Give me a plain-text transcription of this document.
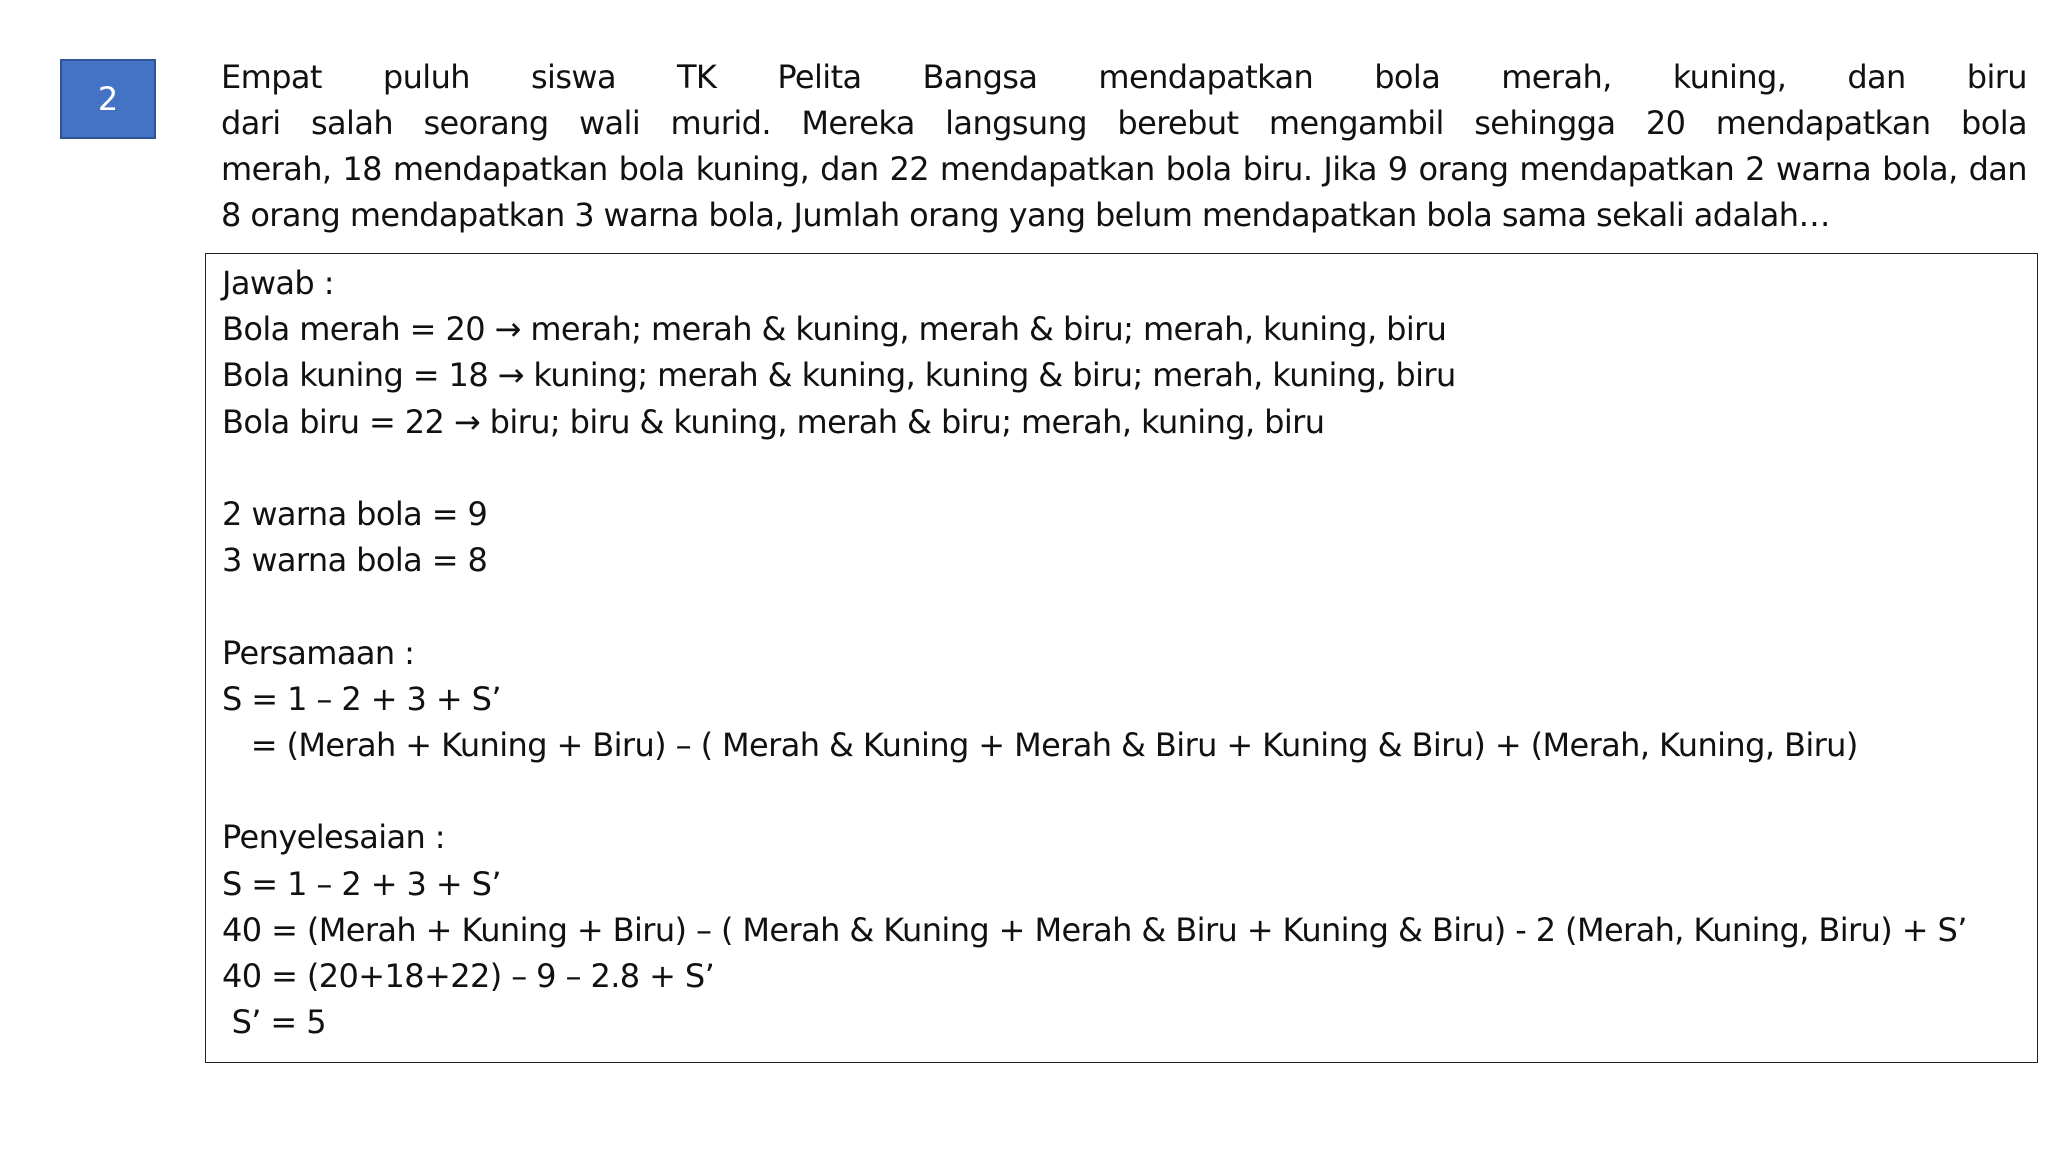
2
Empat puluh siswa TK Pelita Bangsa mendapatkan bola merah, kuning, dan biru
dari salah seorang wali murid. Mereka langsung berebut mengambil sehingga 20 mendapatkan bola
merah, 18 mendapatkan bola kuning, dan 22 mendapatkan bola biru. Jika 9 orang mendapatkan 2 warna bola, dan
8 orang mendapatkan 3 warna bola, Jumlah orang yang belum mendapatkan bola sama sekali adalah…
Jawab :
Bola merah = 20 → merah; merah & kuning, merah & biru; merah, kuning, biru
Bola kuning = 18 → kuning; merah & kuning, kuning & biru; merah, kuning, biru
Bola biru = 22 → biru; biru & kuning, merah & biru; merah, kuning, biru
2 warna bola = 9
3 warna bola = 8
Persamaan :
S = 1 – 2 + 3 + S’
= (Merah + Kuning + Biru) – ( Merah & Kuning + Merah & Biru + Kuning & Biru) + (Merah, Kuning, Biru)
Penyelesaian :
S = 1 – 2 + 3 + S’
40 = (Merah + Kuning + Biru) – ( Merah & Kuning + Merah & Biru + Kuning & Biru) - 2 (Merah, Kuning, Biru) + S’
40 = (20+18+22) – 9 – 2.8 + S’
S’ = 5
